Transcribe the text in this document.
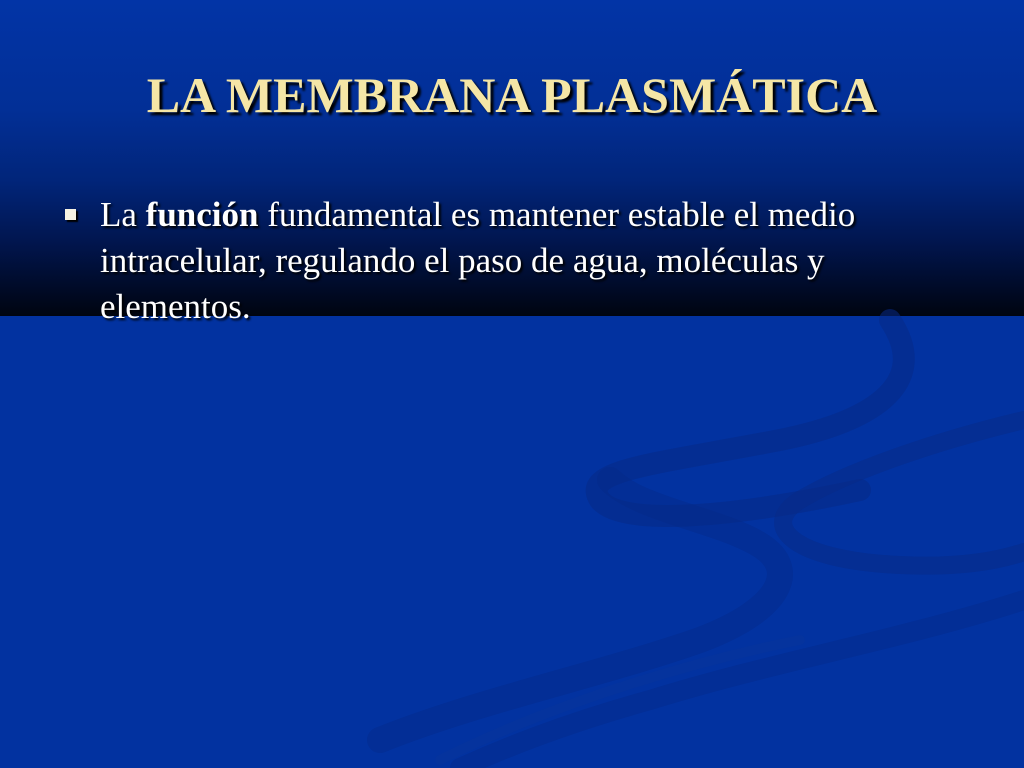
LA MEMBRANA PLASMÁTICA
La función fundamental es mantener estable el medio intracelular, regulando el paso de agua, moléculas y elementos.
